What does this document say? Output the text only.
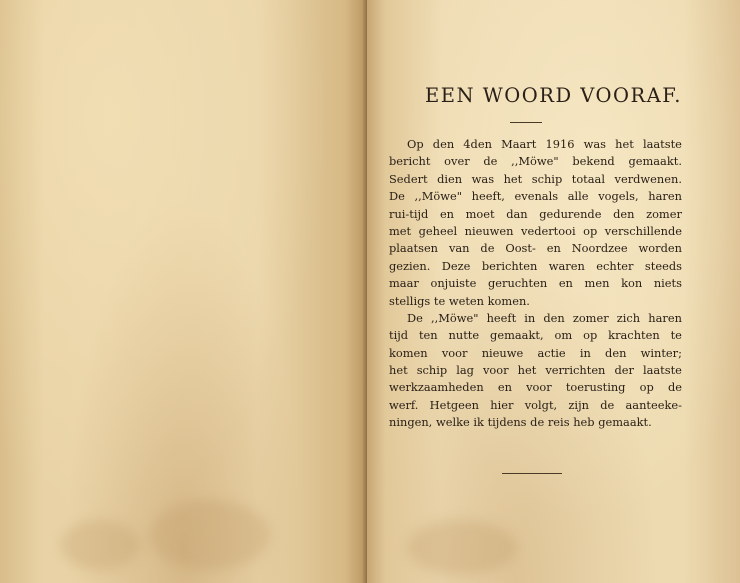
EEN WOORD VOORAF.
Op den 4den Maart 1916 was het laatste
bericht over de ,,Möwe" bekend gemaakt.
Sedert dien was het schip totaal verdwenen.
De ,,Möwe" heeft, evenals alle vogels, haren
rui-tijd en moet dan gedurende den zomer
met geheel nieuwen vedertooi op verschillende
plaatsen van de Oost- en Noordzee worden
gezien. Deze berichten waren echter steeds
maar onjuiste geruchten en men kon niets
stelligs te weten komen.
De ,,Möwe" heeft in den zomer zich haren
tijd ten nutte gemaakt, om op krachten te
komen voor nieuwe actie in den winter;
het schip lag voor het verrichten der laatste
werkzaamheden en voor toerusting op de
werf. Hetgeen hier volgt, zijn de aanteeke-
ningen, welke ik tijdens de reis heb gemaakt.
